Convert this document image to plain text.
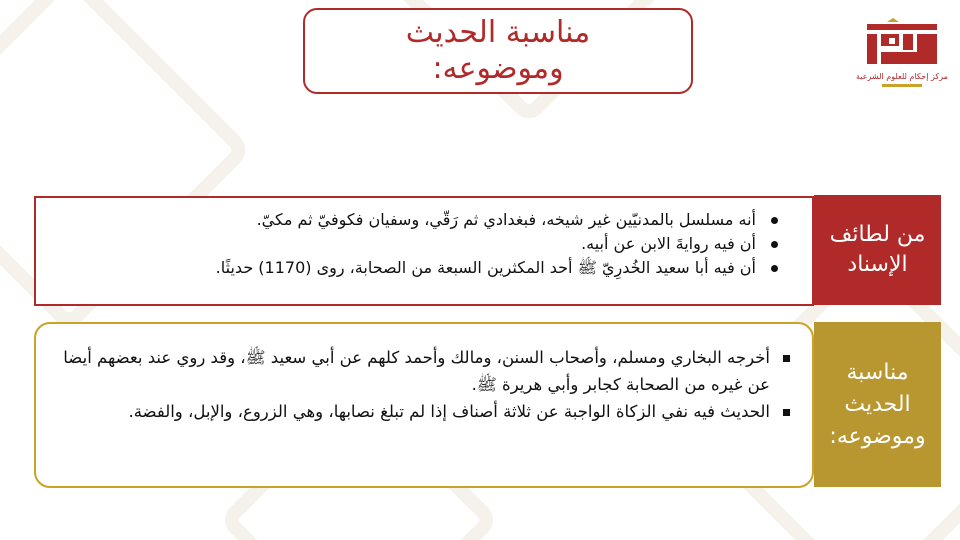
مناسبة الحديث
وموضوعه:	مركز إحكام للعلوم الشرعية
من لطائف
الإسناد
أنه مسلسل بالمدنيّين غير شيخه، فبغدادي ثم رَقّي، وسفيان فكوفيّ ثم مكيّ.
أن فيه روايةَ الابن عن أبيه.
أن فيه أبا سعيد الخُدرِيّ ﷺ أحد المكثرين السبعة من الصحابة، روى (1170) حديثًا.
مناسبة
الحديث
وموضوعه:
أخرجه البخاري ومسلم، وأصحاب السنن، ومالك وأحمد كلهم عن أبي سعيد ﷺ، وقد روي عند بعضهم أيضا عن غيره من الصحابة كجابر وأبي هريرة ﷺ.
الحديث فيه نفي الزكاة الواجبة عن ثلاثة أصناف إذا لم تبلغ نصابها، وهي الزروع، والإبل، والفضة.
